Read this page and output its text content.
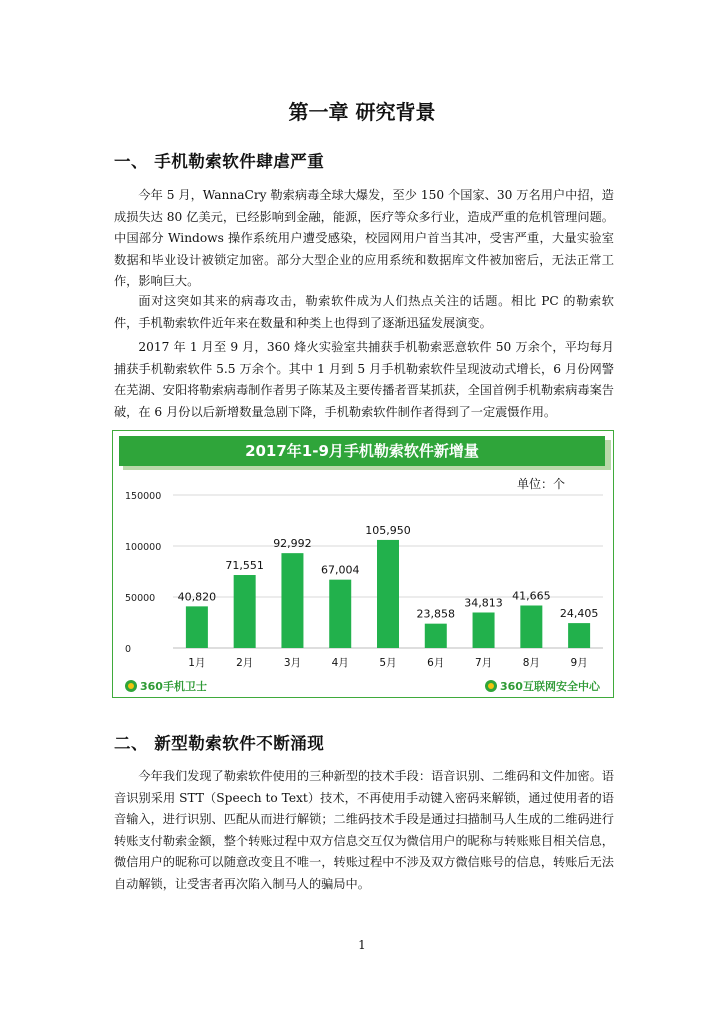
第一章 研究背景
一、 手机勒索软件肆虐严重

今年 5 月，WannaCry 勒索病毒全球大爆发，至少 150 个国家、30 万名用户中招，造成损失达 80 亿美元，已经影响到金融，能源，医疗等众多行业，造成严重的危机管理问题。中国部分 Windows 操作系统用户遭受感染，校园网用户首当其冲，受害严重，大量实验室数据和毕业设计被锁定加密。部分大型企业的应用系统和数据库文件被加密后，无法正常工作，影响巨大。

面对这突如其来的病毒攻击，勒索软件成为人们热点关注的话题。相比 PC 的勒索软件，手机勒索软件近年来在数量和种类上也得到了逐渐迅猛发展演变。

2017 年 1 月至 9 月，360 烽火实验室共捕获手机勒索恶意软件 50 万余个，平均每月捕获手机勒索软件 5.5 万余个。其中 1 月到 5 月手机勒索软件呈现波动式增长，6 月份网警在芜湖、安阳将勒索病毒制作者男子陈某及主要传播者晋某抓获，全国首例手机勒索病毒案告破，在 6 月份以后新增数量急剧下降，手机勒索软件制作者得到了一定震慑作用。

2017年1-9月手机勒索软件新增量
单位：个
0
50000
100000
150000
40,820
1月
71,551
2月
92,992
3月
67,004
4月
105,950
5月
23,858
6月
34,813
7月
41,665
8月
24,405
9月
360手机卫士	360互联网安全中心
二、 新型勒索软件不断涌现

今年我们发现了勒索软件使用的三种新型的技术手段：语音识别、二维码和文件加密。语音识别采用 STT（Speech to Text）技术，不再使用手动键入密码来解锁，通过使用者的语音输入，进行识别、匹配从而进行解锁；二维码技术手段是通过扫描制马人生成的二维码进行转账支付勒索金额，整个转账过程中双方信息交互仅为微信用户的昵称与转账账目相关信息，微信用户的昵称可以随意改变且不唯一，转账过程中不涉及双方微信账号的信息，转账后无法自动解锁，让受害者再次陷入制马人的骗局中。

1
